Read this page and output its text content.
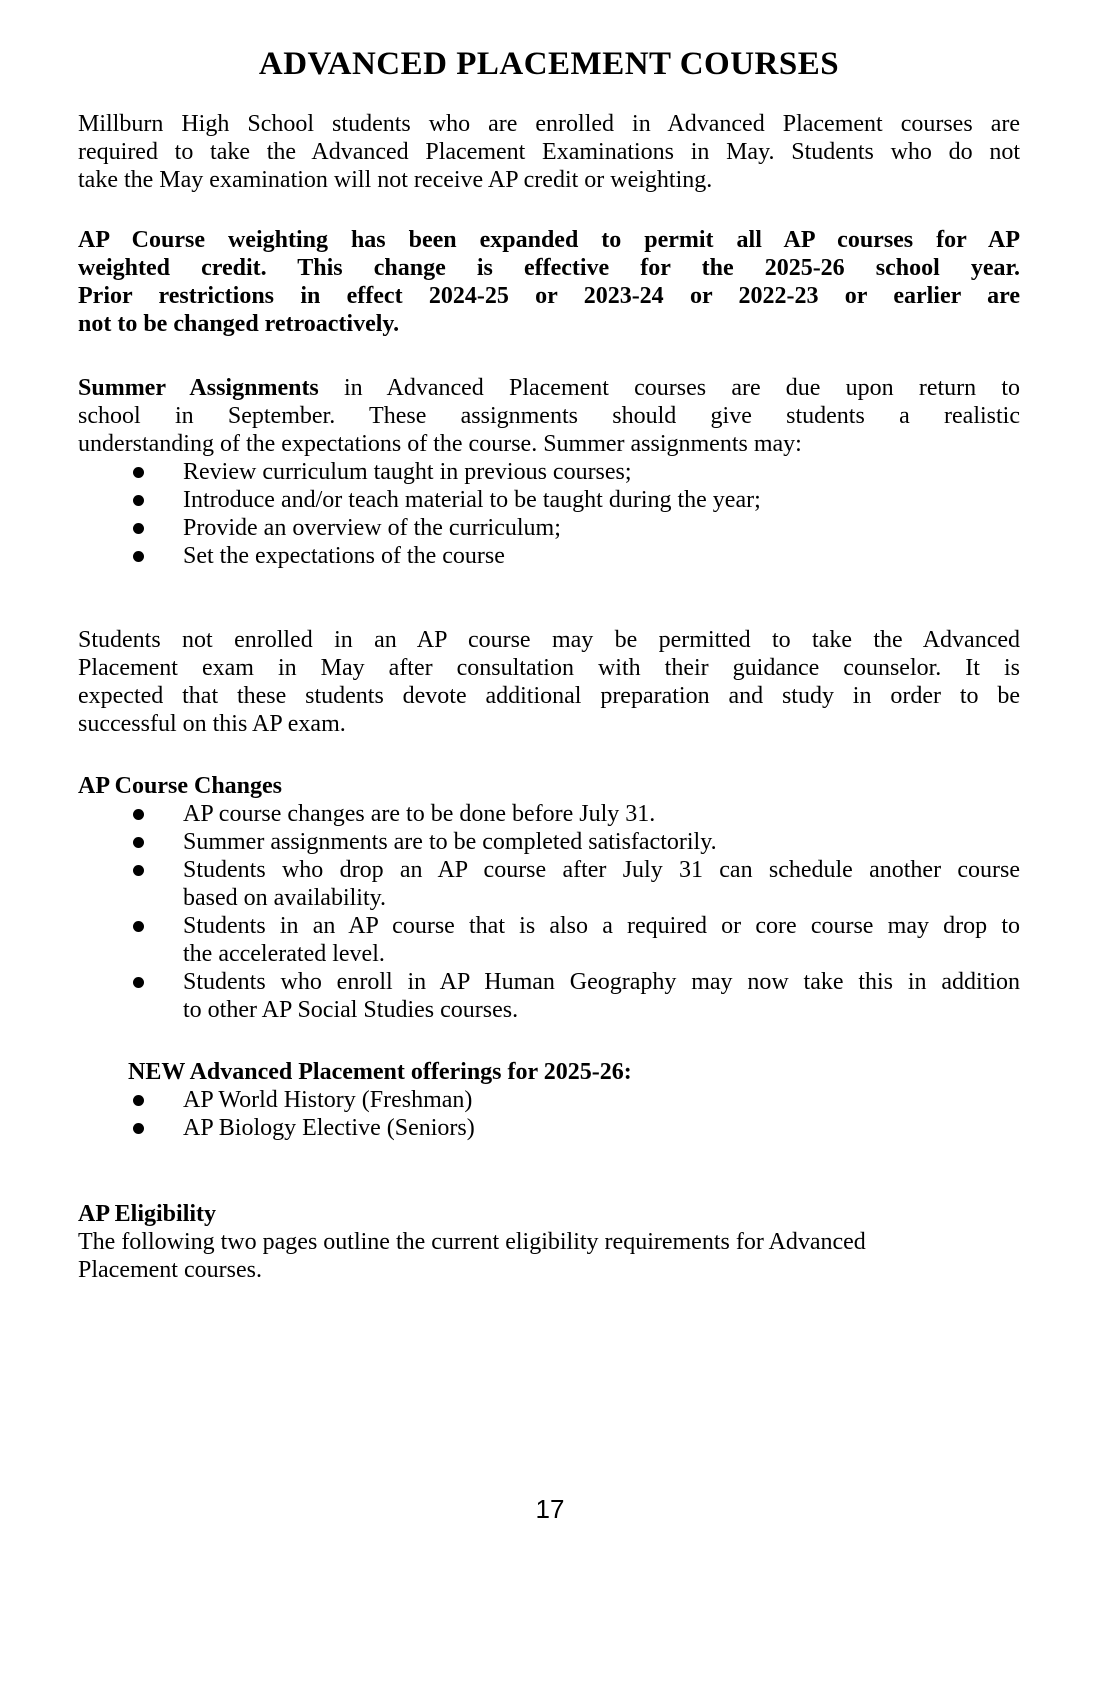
ADVANCED PLACEMENT COURSES
Millburn High School students who are enrolled in Advanced Placement courses are
required to take the Advanced Placement Examinations in May. Students who do not
take the May examination will not receive AP credit or weighting.
AP Course weighting has been expanded to permit all AP courses for AP
weighted credit. This change is effective for the 2025-26 school year.
Prior restrictions in effect 2024-25 or 2023-24 or 2022-23 or earlier are
not to be changed retroactively.
Summer Assignments in Advanced Placement courses are due upon return to
school in September. These assignments should give students a realistic
understanding of the expectations of the course. Summer assignments may:
Review curriculum taught in previous courses;
Introduce and/or teach material to be taught during the year;
Provide an overview of the curriculum;
Set the expectations of the course
Students not enrolled in an AP course may be permitted to take the Advanced
Placement exam in May after consultation with their guidance counselor. It is
expected that these students devote additional preparation and study in order to be
successful on this AP exam.
AP Course Changes
AP course changes are to be done before July 31.
Summer assignments are to be completed satisfactorily.
Students who drop an AP course after July 31 can schedule another course
based on availability.
Students in an AP course that is also a required or core course may drop to
the accelerated level.
Students who enroll in AP Human Geography may now take this in addition
to other AP Social Studies courses.
NEW Advanced Placement offerings for 2025-26:
AP World History (Freshman)
AP Biology Elective (Seniors)
AP Eligibility
The following two pages outline the current eligibility requirements for Advanced
Placement courses.
17
